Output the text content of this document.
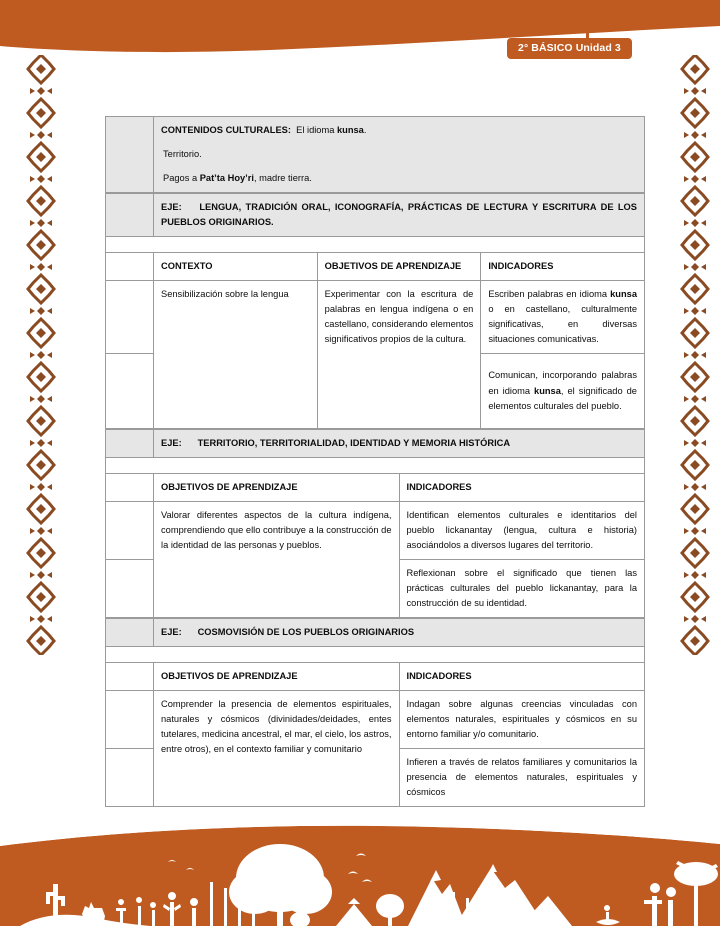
2° BÁSICO Unidad 3

CONTENIDOS CULTURALES: El idioma kunsa.

Territorio.

Pagos a Pat’ta Hoy’ri, madre tierra.

	EJE: LENGUA, TRADICIÓN ORAL, ICONOGRAFÍA, PRÁCTICAS DE LECTURA Y ESCRITURA DE LOS PUEBLOS ORIGINARIOS.		

	CONTEXTO	OBJETIVOS DE APRENDIZAJE	INDICADORES
	Sensibilización sobre la lengua	Experimentar con la escritura de palabras en lengua indígena o en castellano, considerando elementos significativos propios de la cultura.	Escriben palabras en idioma kunsa o en castellano, culturalmente significativas, en diversas situaciones comunicativas.
			Comunican, incorporando palabras en idioma kunsa, el significado de elementos culturales del pueblo.
	EJE: TERRITORIO, TERRITORIALIDAD, IDENTIDAD Y MEMORIA HISTÓRICA	

	OBJETIVOS DE APRENDIZAJE	INDICADORES
	Valorar diferentes aspectos de la cultura indígena, comprendiendo que ello contribuye a la construcción de la identidad de las personas y pueblos.	Identifican elementos culturales e identitarios del pueblo lickanantay (lengua, cultura e historia) asociándolos a diversos lugares del territorio.
		Reflexionan sobre el significado que tienen las prácticas culturales del pueblo lickanantay, para la construcción de su identidad.
	EJE: COSMOVISIÓN DE LOS PUEBLOS ORIGINARIOS	

	OBJETIVOS DE APRENDIZAJE	INDICADORES
	Comprender la presencia de elementos espirituales, naturales y cósmicos (divinidades/deidades, entes tutelares, medicina ancestral, el mar, el cielo, los astros, entre otros), en el contexto familiar y comunitario	Indagan sobre algunas creencias vinculadas con elementos naturales, espirituales y cósmicos en su entorno familiar y/o comunitario.
		Infieren a través de relatos familiares y comunitarios la presencia de elementos naturales, espirituales y cósmicos
